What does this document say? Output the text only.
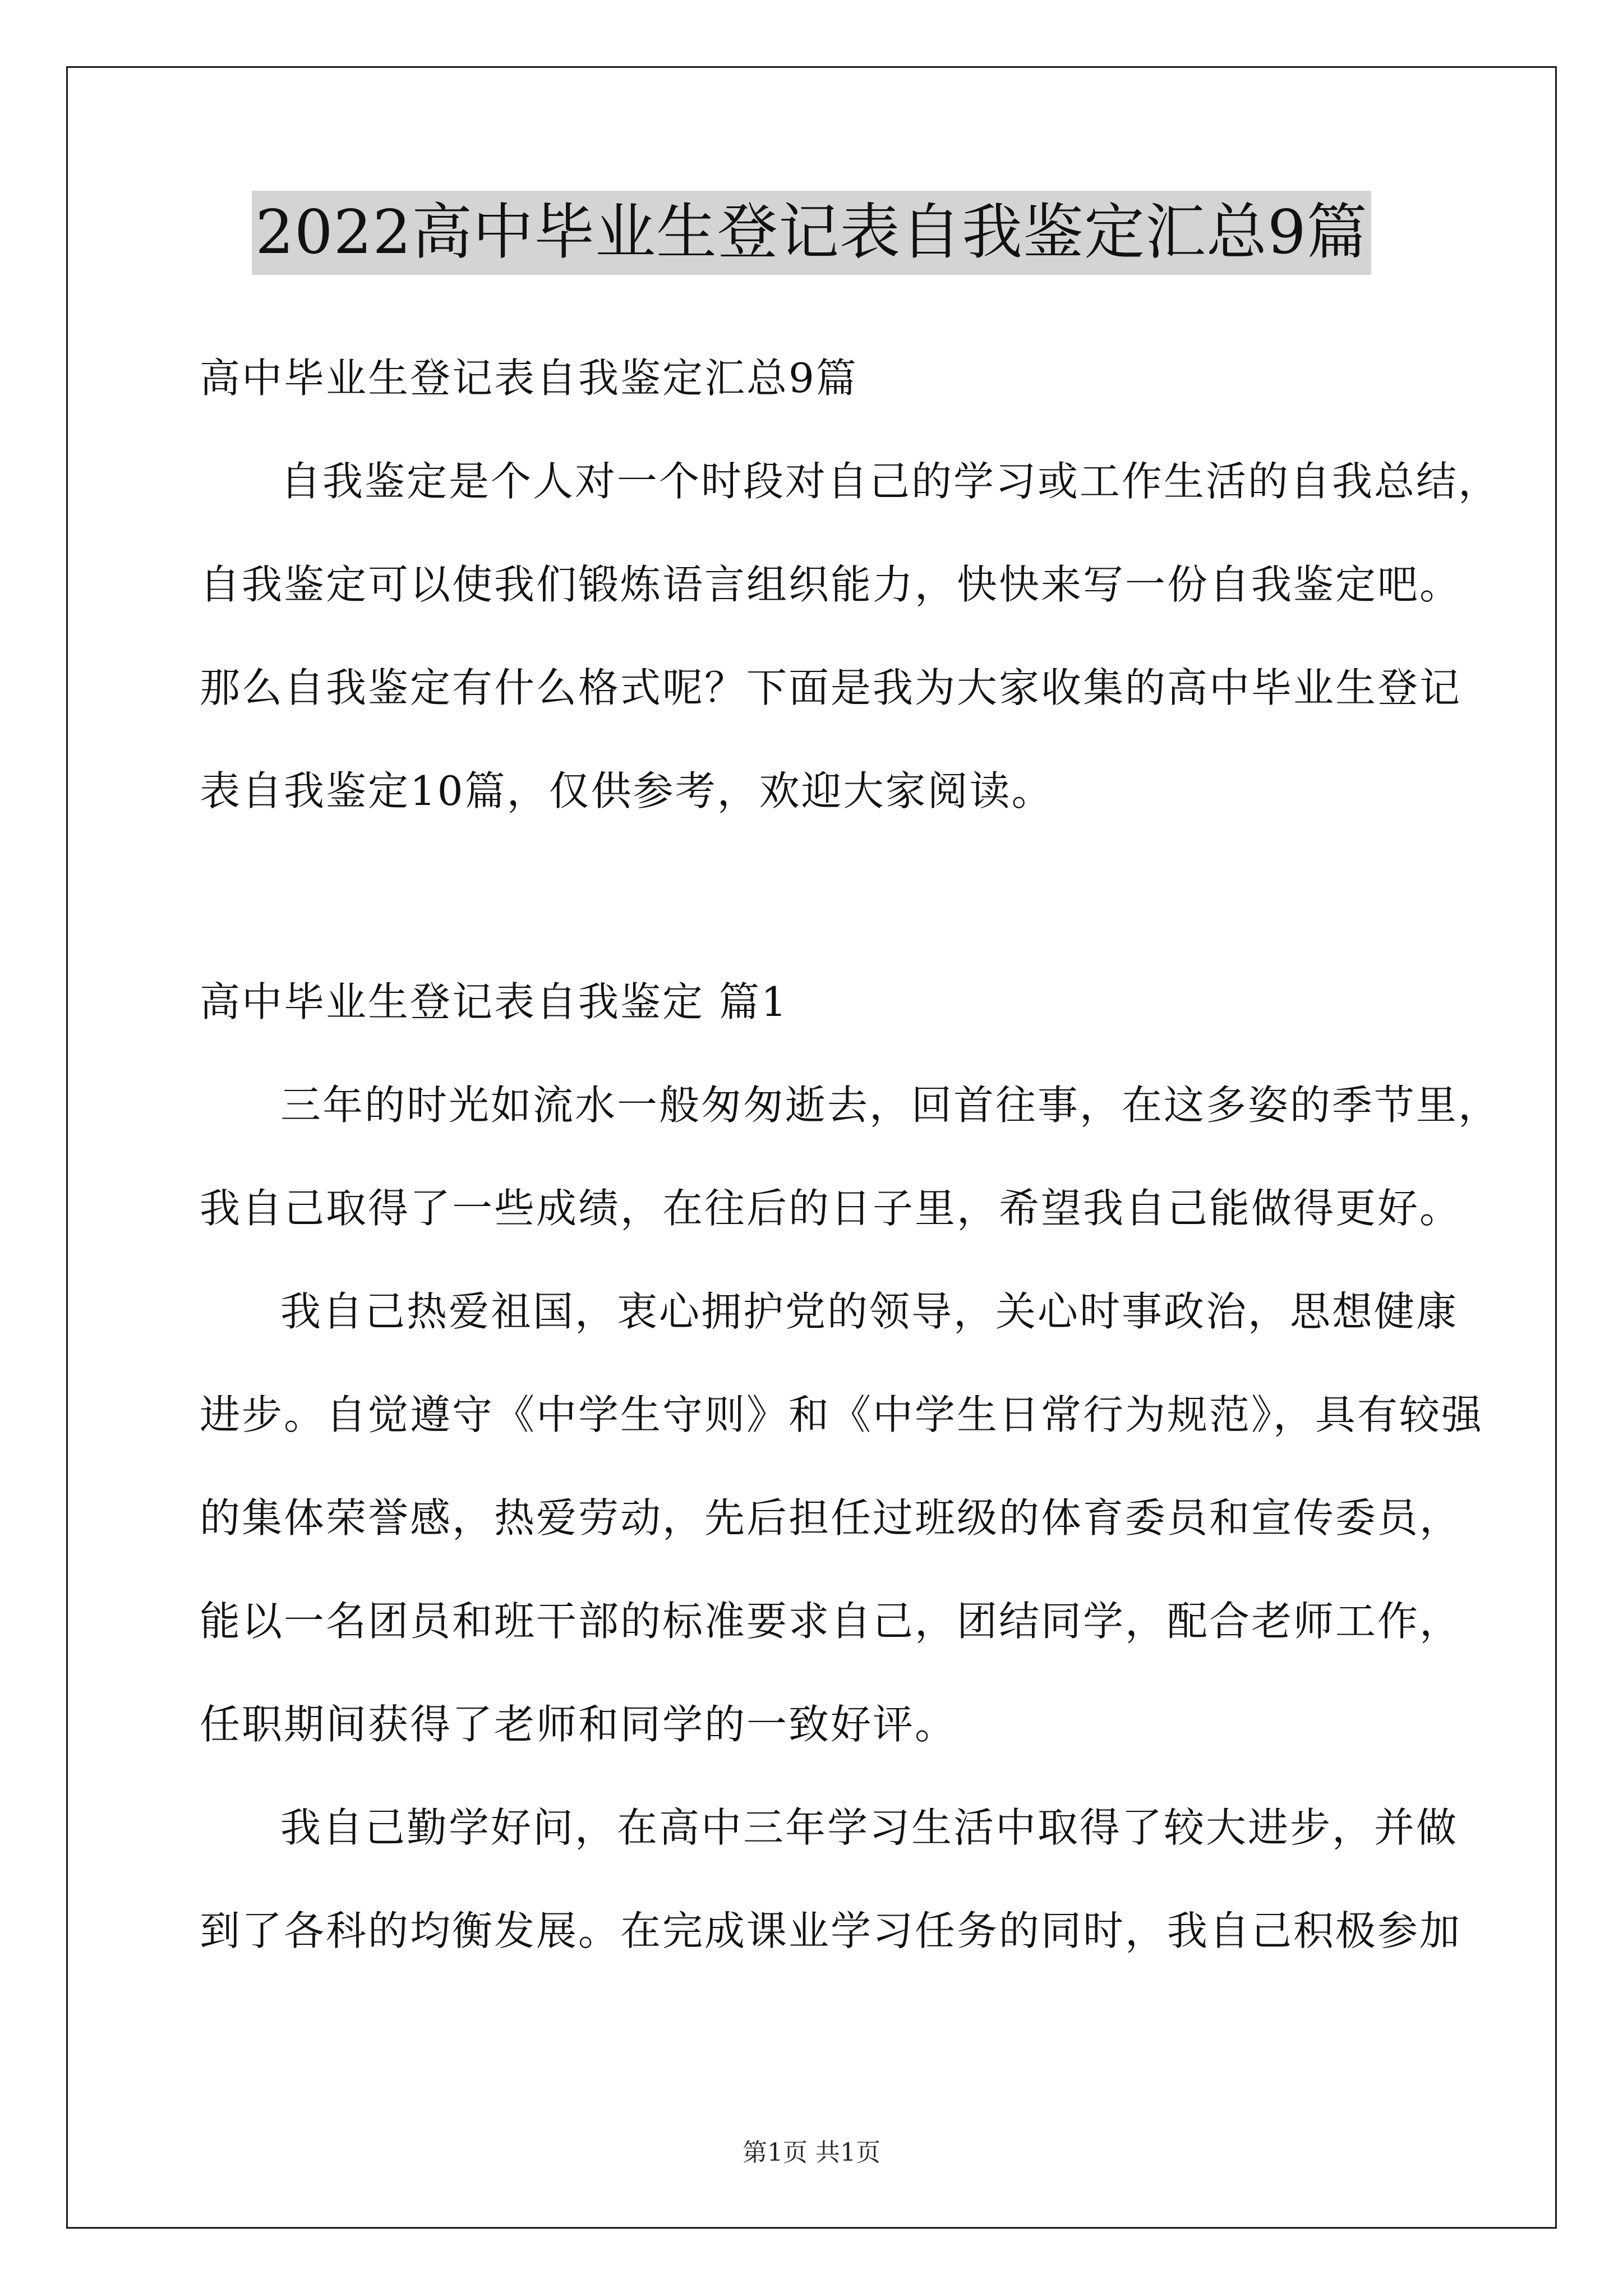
2022高中毕业生登记表自我鉴定汇总9篇
高中毕业生登记表自我鉴定汇总9篇
自我鉴定是个人对一个时段对自己的学习或工作生活的自我总结，
自我鉴定可以使我们锻炼语言组织能力，快快来写一份自我鉴定吧。
那么自我鉴定有什么格式呢？下面是我为大家收集的高中毕业生登记
表自我鉴定10篇，仅供参考，欢迎大家阅读。
高中毕业生登记表自我鉴定 篇1
三年的时光如流水一般匆匆逝去，回首往事，在这多姿的季节里，
我自己取得了一些成绩，在往后的日子里，希望我自己能做得更好。
我自己热爱祖国，衷心拥护党的领导，关心时事政治，思想健康
进步。自觉遵守《中学生守则》和《中学生日常行为规范》，具有较强
的集体荣誉感，热爱劳动，先后担任过班级的体育委员和宣传委员，
能以一名团员和班干部的标准要求自己，团结同学，配合老师工作，
任职期间获得了老师和同学的一致好评。
我自己勤学好问，在高中三年学习生活中取得了较大进步，并做
到了各科的均衡发展。在完成课业学习任务的同时，我自己积极参加
第1页 共1页
